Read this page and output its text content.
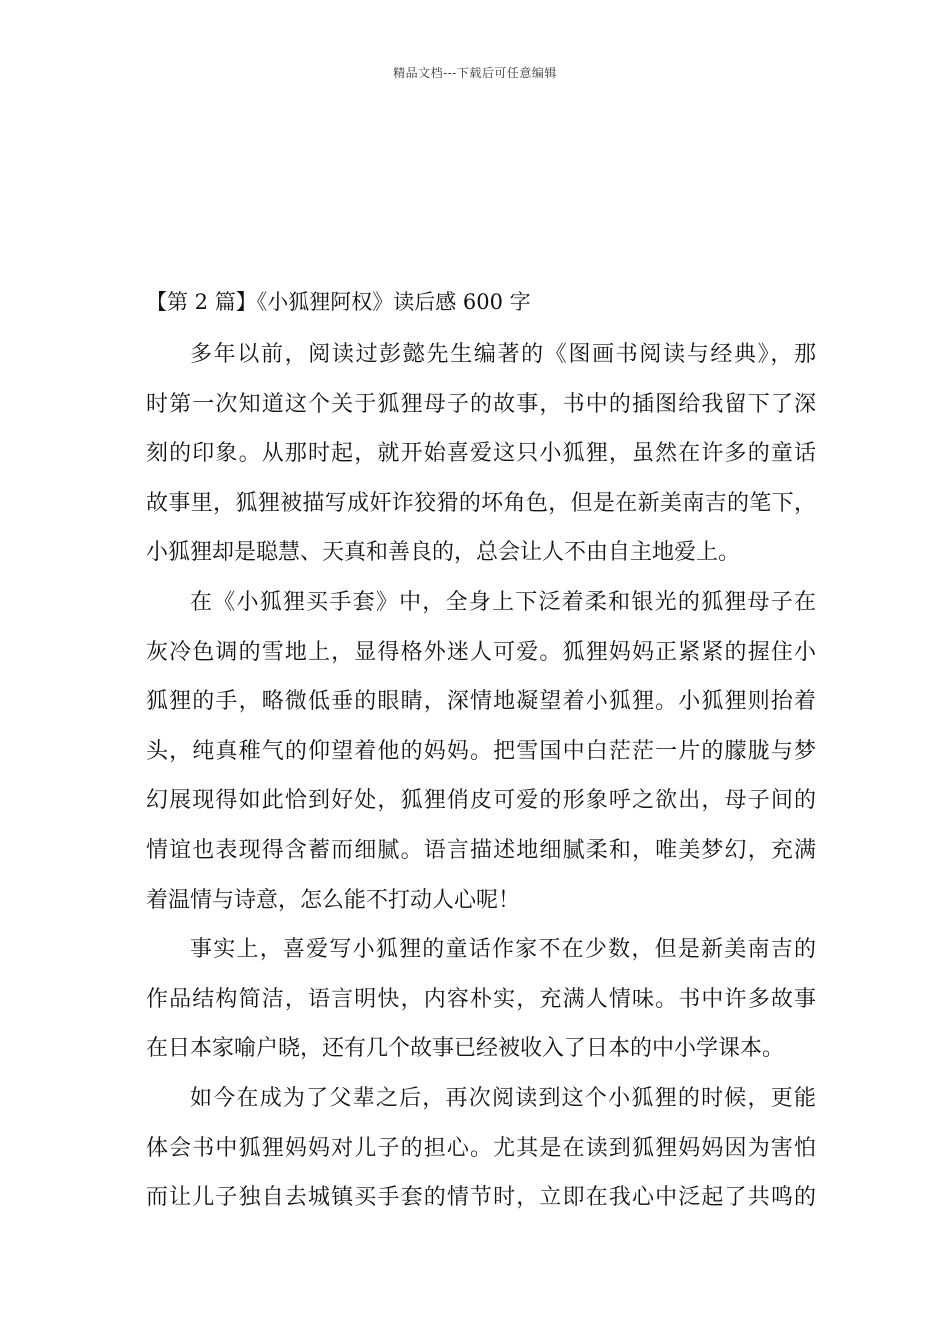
精品文档---下载后可任意编辑
【第 2 篇】《小狐狸阿权》读后感 600 字
多年以前，阅读过彭懿先生编著的《图画书阅读与经典》，那
时第一次知道这个关于狐狸母子的故事，书中的插图给我留下了深
刻的印象。从那时起，就开始喜爱这只小狐狸，虽然在许多的童话
故事里，狐狸被描写成奸诈狡猾的坏角色，但是在新美南吉的笔下，
小狐狸却是聪慧、天真和善良的，总会让人不由自主地爱上。
在《小狐狸买手套》中，全身上下泛着柔和银光的狐狸母子在
灰冷色调的雪地上，显得格外迷人可爱。狐狸妈妈正紧紧的握住小
狐狸的手，略微低垂的眼睛，深情地凝望着小狐狸。小狐狸则抬着
头，纯真稚气的仰望着他的妈妈。把雪国中白茫茫一片的朦胧与梦
幻展现得如此恰到好处，狐狸俏皮可爱的形象呼之欲出，母子间的
情谊也表现得含蓄而细腻。语言描述地细腻柔和，唯美梦幻，充满
着温情与诗意，怎么能不打动人心呢！
事实上，喜爱写小狐狸的童话作家不在少数，但是新美南吉的
作品结构简洁，语言明快，内容朴实，充满人情味。书中许多故事
在日本家喻户晓，还有几个故事已经被收入了日本的中小学课本。
如今在成为了父辈之后，再次阅读到这个小狐狸的时候，更能
体会书中狐狸妈妈对儿子的担心。尤其是在读到狐狸妈妈因为害怕
而让儿子独自去城镇买手套的情节时，立即在我心中泛起了共鸣的
